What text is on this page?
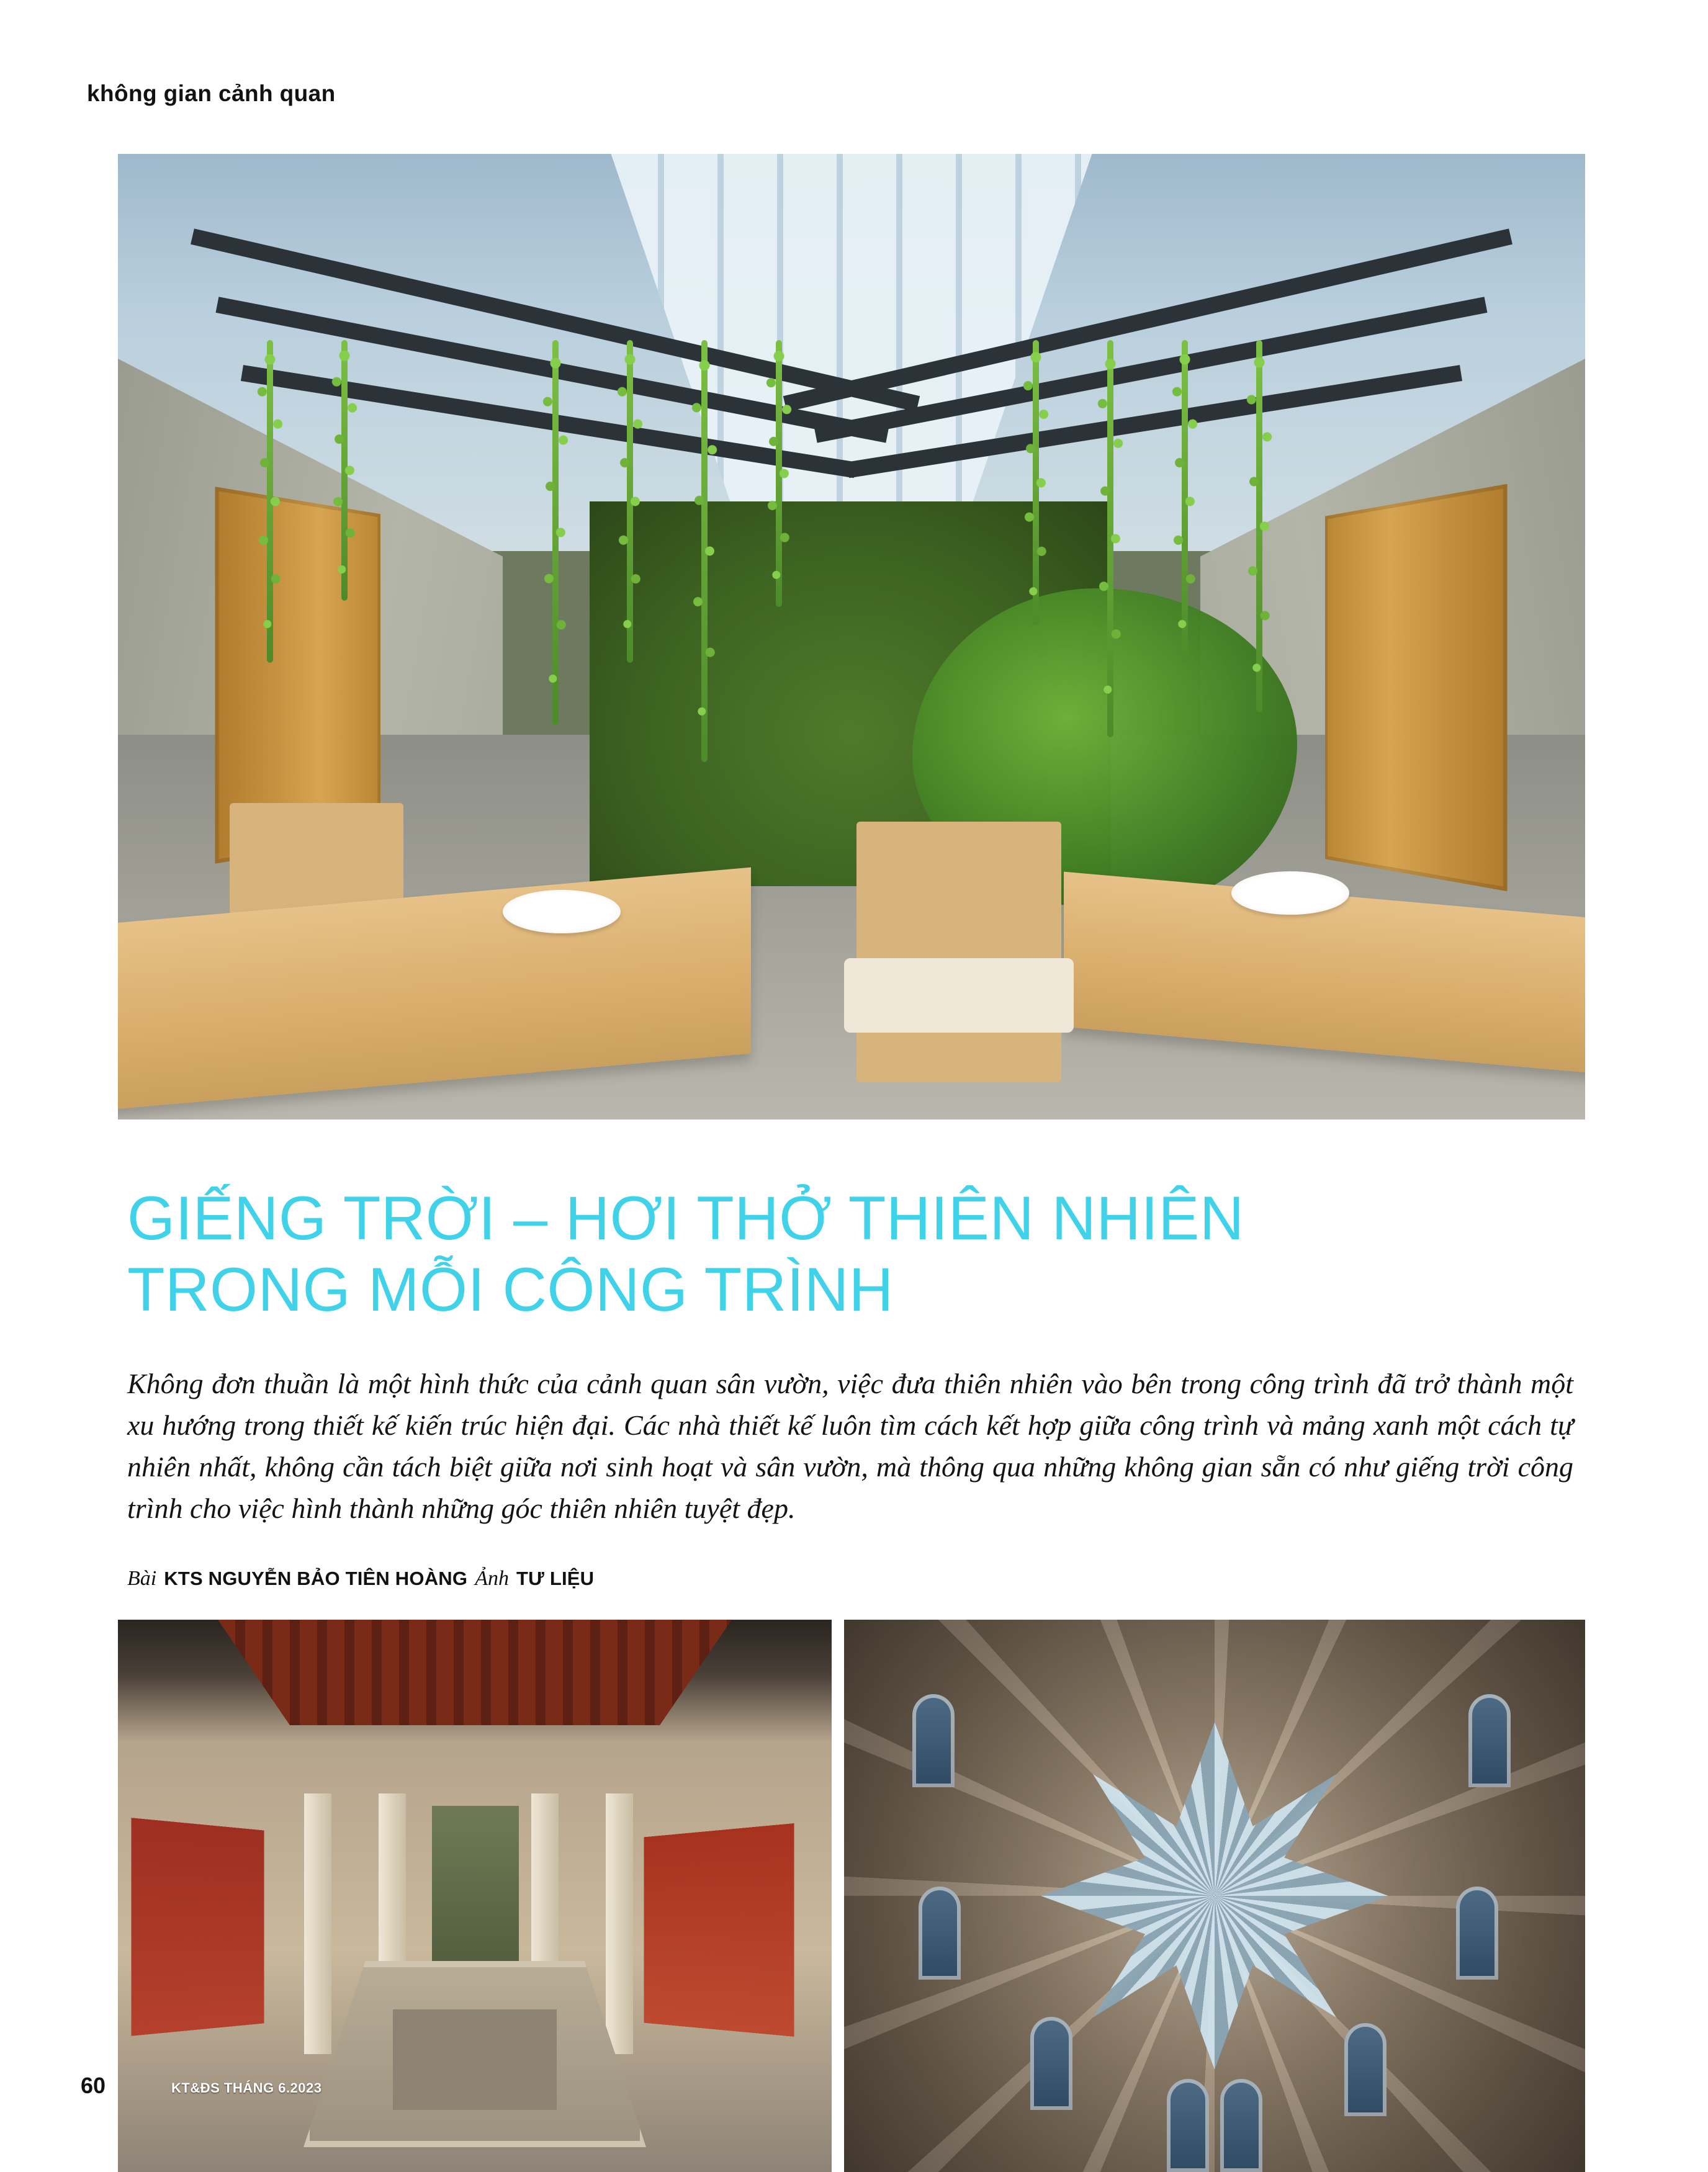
không gian cảnh quan
GIẾNG TRỜI – HƠI THỞ THIÊN NHIÊN
TRONG MỖI CÔNG TRÌNH

Không đơn thuần là một hình thức của cảnh quan sân vườn, việc đưa thiên nhiên vào bên trong công trình đã trở thành một xu hướng trong thiết kế kiến trúc hiện đại. Các nhà thiết kế luôn tìm cách kết hợp giữa công trình và mảng xanh một cách tự nhiên nhất, không cần tách biệt giữa nơi sinh hoạt và sân vườn, mà thông qua những không gian sẵn có như giếng trời công trình cho việc hình thành những góc thiên nhiên tuyệt đẹp.

Bài KTS NGUYỄN BẢO TIÊN HOÀNG Ảnh TƯ LIỆU
60	KT&ĐS THÁNG 6.2023
